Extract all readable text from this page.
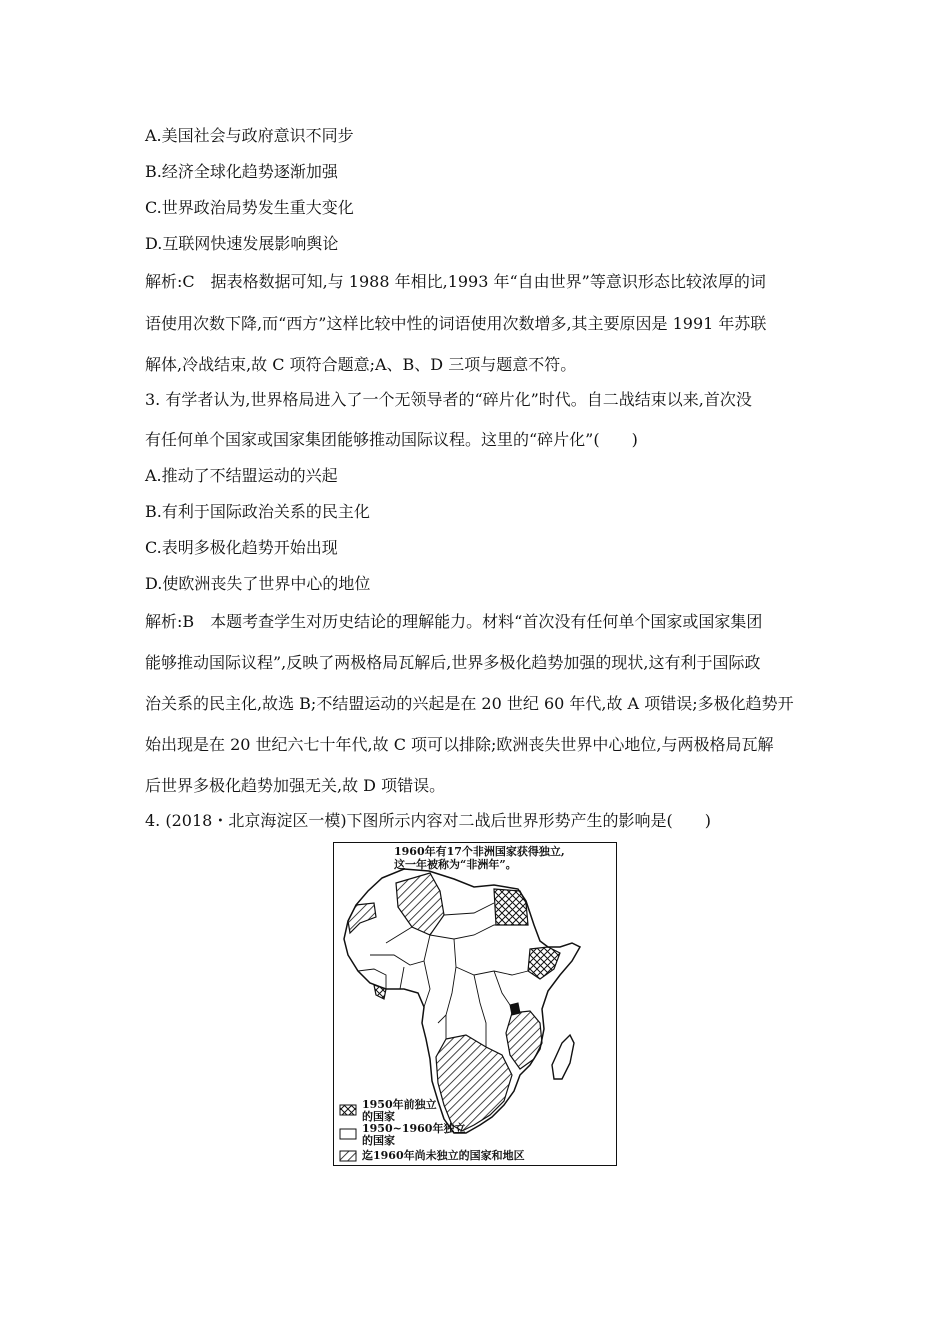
A.美国社会与政府意识不同步
B.经济全球化趋势逐渐加强
C.世界政治局势发生重大变化
D.互联网快速发展影响舆论
解析:C　据表格数据可知,与 1988 年相比,1993 年“自由世界”等意识形态比较浓厚的词
语使用次数下降,而“西方”这样比较中性的词语使用次数增多,其主要原因是 1991 年苏联
解体,冷战结束,故 C 项符合题意;A、B、D 三项与题意不符。
3. 有学者认为,世界格局进入了一个无领导者的“碎片化”时代。自二战结束以来,首次没
有任何单个国家或国家集团能够推动国际议程。这里的“碎片化”(　　)
A.推动了不结盟运动的兴起
B.有利于国际政治关系的民主化
C.表明多极化趋势开始出现
D.使欧洲丧失了世界中心的地位
解析:B　本题考查学生对历史结论的理解能力。材料“首次没有任何单个国家或国家集团
能够推动国际议程”,反映了两极格局瓦解后,世界多极化趋势加强的现状,这有利于国际政
治关系的民主化,故选 B;不结盟运动的兴起是在 20 世纪 60 年代,故 A 项错误;多极化趋势开
始出现是在 20 世纪六七十年代,故 C 项可以排除;欧洲丧失世界中心地位,与两极格局瓦解
后世界多极化趋势加强无关,故 D 项错误。
4. (2018・北京海淀区一模)下图所示内容对二战后世界形势产生的影响是(　　)
1960年有17个非洲国家获得独立,
这一年被称为“非洲年”。
1950年前独立
的国家
1950~1960年独立
的国家
迄1960年尚未独立的国家和地区
